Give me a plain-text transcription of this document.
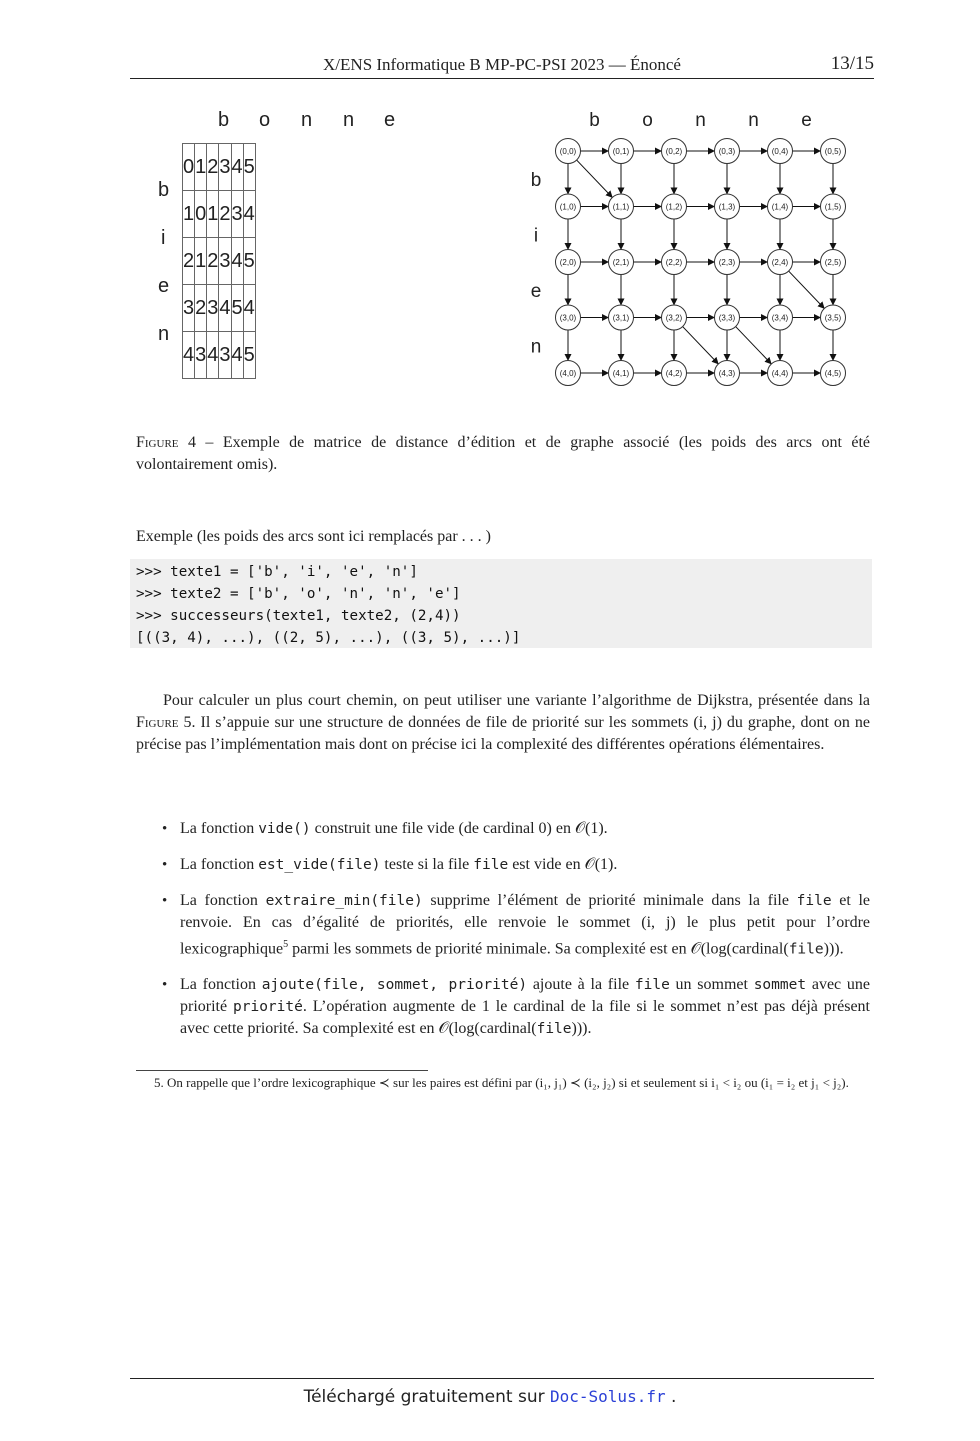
X/ENS Informatique B MP-PC-PSI 2023 — Énoncé	13/15
b o n n e
b
i
e
n
0	1	2	3	4	5
1	0	1	2	3	4
2	1	2	3	4	5
3	2	3	4	5	4
4	3	4	3	4	5
b o n n e
b
i
e
n
(0,0)	(0,1)	(0,2)	(0,3)	(0,4)	(0,5)
(1,0)	(1,1)	(1,2)	(1,3)	(1,4)	(1,5)
(2,0)	(2,1)	(2,2)	(2,3)	(2,4)	(2,5)
(3,0)	(3,1)	(3,2)	(3,3)	(3,4)	(3,5)
(4,0)	(4,1)	(4,2)	(4,3)	(4,4)	(4,5)
Figure 4 – Exemple de matrice de distance d’édition et de graphe associé (les poids des arcs ont été volontairement omis).
Exemple (les poids des arcs sont ici remplacés par . . . )
>>> texte1 = ['b', 'i', 'e', 'n']
>>> texte2 = ['b', 'o', 'n', 'n', 'e']
>>> successeurs(texte1, texte2, (2,4))
[((3, 4), ...), ((2, 5), ...), ((3, 5), ...)]
Pour calculer un plus court chemin, on peut utiliser une variante l’algorithme de Dijkstra, présentée dans la Figure 5. Il s’appuie sur une structure de données de file de priorité sur les sommets (i, j) du graphe, dont on ne précise pas l’implémentation mais dont on précise ici la complexité des différentes opérations élémentaires.
• La fonction vide() construit une file vide (de cardinal 0) en 𝒪(1).
• La fonction est_vide(file) teste si la file file est vide en 𝒪(1).
• La fonction extraire_min(file) supprime l’élément de priorité minimale dans la file file et le renvoie. En cas d’égalité de priorités, elle renvoie le sommet (i, j) le plus petit pour l’ordre lexicographique$^5$ parmi les sommets de priorité minimale. Sa complexité est en 𝒪(log(cardinal(file))).
• La fonction ajoute(file, sommet, priorité) ajoute à la file file un sommet sommet avec une priorité priorité. L’opération augmente de 1 le cardinal de la file si le sommet n’est pas déjà présent avec cette priorité. Sa complexité est en 𝒪(log(cardinal(file))).
5. On rappelle que l’ordre lexicographique ≺ sur les paires est défini par (i₁, j₁) ≺ (i₂, j₂) si et seulement si i₁ < i₂ ou (i₁ = i₂ et j₁ < j₂).
Téléchargé gratuitement sur Doc-Solus.fr .
